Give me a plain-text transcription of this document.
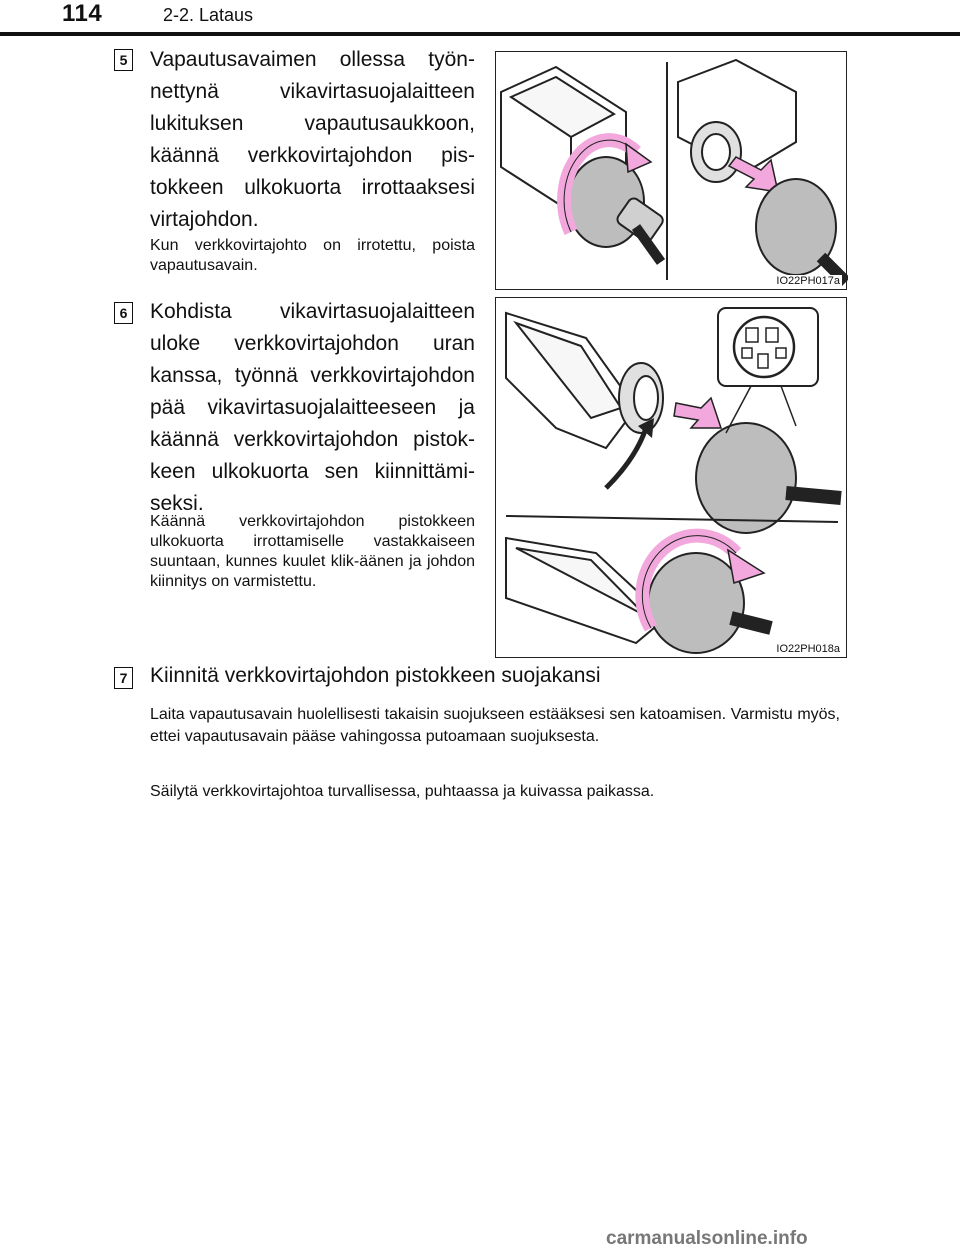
114	2-2. Lataus
5 Vapautusavaimen ollessa työnnettynä vikavirtasuojalaitteen lukituksen vapautusaukkoon, käännä verkkovirtajohdon pistokkeen ulkokuorta irrottaaksesi virtajohdon.
Kun verkkovirtajohto on irrotettu, poista vapautusavain.
IO22PH017a
6 Kohdista vikavirtasuojalaitteen uloke verkkovirtajohdon uran kanssa, työnnä verkkovirtajohdon pää vikavirtasuojalaitteeseen ja käännä verkkovirtajohdon pistokkeen ulkokuorta sen kiinnittämiseksi.
Käännä verkkovirtajohdon pistokkeen ulkokuorta irrottamiselle vastakkaiseen suuntaan, kunnes kuulet klik-äänen ja johdon kiinnitys on varmistettu.
IO22PH018a
7 Kiinnitä verkkovirtajohdon pistokkeen suojakansi
Laita vapautusavain huolellisesti takaisin suojukseen estääksesi sen katoamisen. Varmistu myös, ettei vapautusavain pääse vahingossa putoamaan suojuksesta.
Säilytä verkkovirtajohtoa turvallisessa, puhtaassa ja kuivassa paikassa.
carmanualsonline.info
